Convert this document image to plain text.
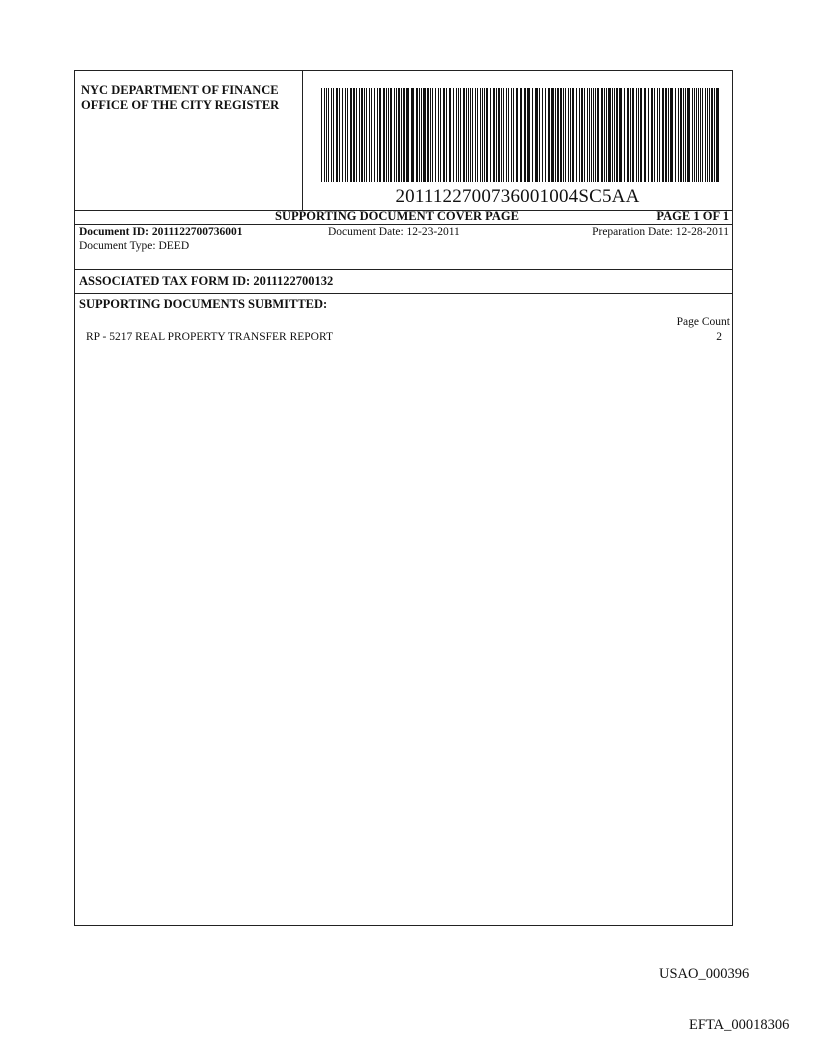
NYC DEPARTMENT OF FINANCE
OFFICE OF THE CITY REGISTER
2011122700736001004SC5AA
SUPPORTING DOCUMENT COVER PAGE	PAGE 1 OF 1
Document ID: 2011122700736001
Document Type: DEED
Document Date: 12-23-2011	Preparation Date: 12-28-2011
ASSOCIATED TAX FORM ID: 2011122700132
SUPPORTING DOCUMENTS SUBMITTED:
Page Count
RP - 5217 REAL PROPERTY TRANSFER REPORT	2
USAO_000396
EFTA_00018306
